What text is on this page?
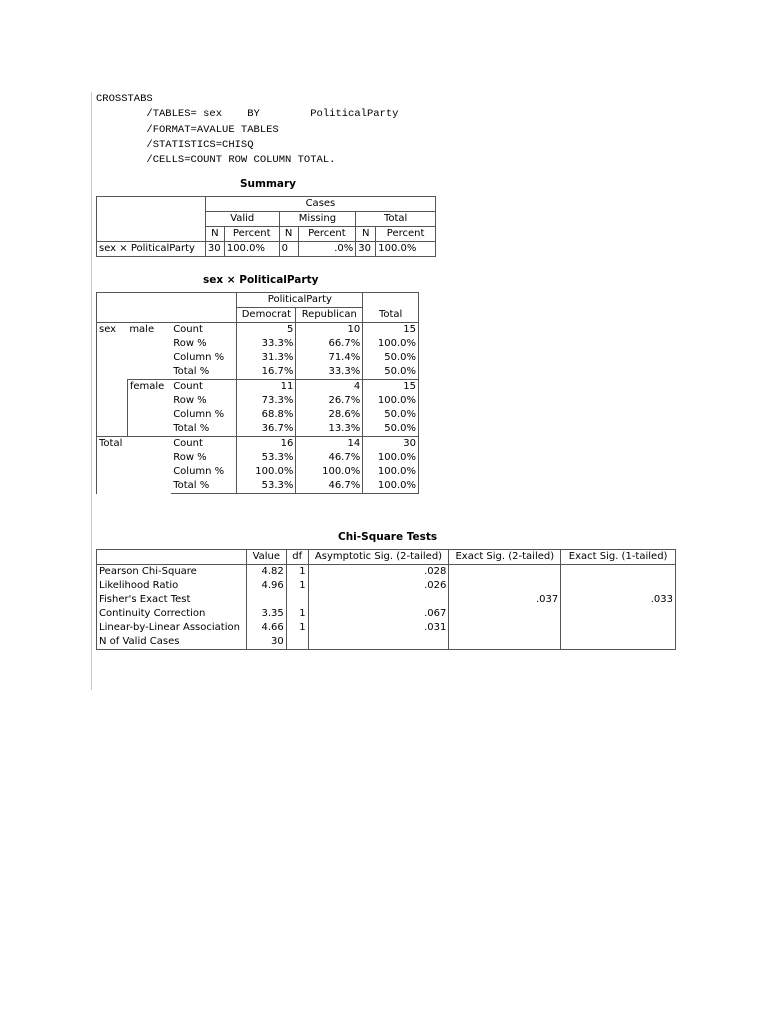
CROSSTABS
/TABLES= sex    BY        PoliticalParty
/FORMAT=AVALUE TABLES
/STATISTICS=CHISQ
/CELLS=COUNT ROW COLUMN TOTAL.
Summary
	Cases					
	Valid		Missing		Total	
	N	Percent	N	Percent	N	Percent
sex × PoliticalParty	30	100.0%	0	.0%	30	100.0%
sex × PoliticalParty
			PoliticalParty		
			Democrat	Republican	Total
sex	male	Count	5	10	15
		Row %	33.3%	66.7%	100.0%
		Column %	31.3%	71.4%	50.0%
		Total %	16.7%	33.3%	50.0%
	female	Count	11	4	15
		Row %	73.3%	26.7%	100.0%
		Column %	68.8%	28.6%	50.0%
		Total %	36.7%	13.3%	50.0%
Total		Count	16	14	30
		Row %	53.3%	46.7%	100.0%
		Column %	100.0%	100.0%	100.0%
		Total %	53.3%	46.7%	100.0%
Chi-Square Tests
	Value	df	Asymptotic Sig. (2-tailed)	Exact Sig. (2-tailed)	Exact Sig. (1-tailed)
Pearson Chi-Square	4.82	1	.028		
Likelihood Ratio	4.96	1	.026		
Fisher's Exact Test				.037	.033
Continuity Correction	3.35	1	.067		
Linear-by-Linear Association	4.66	1	.031		
N of Valid Cases	30				
